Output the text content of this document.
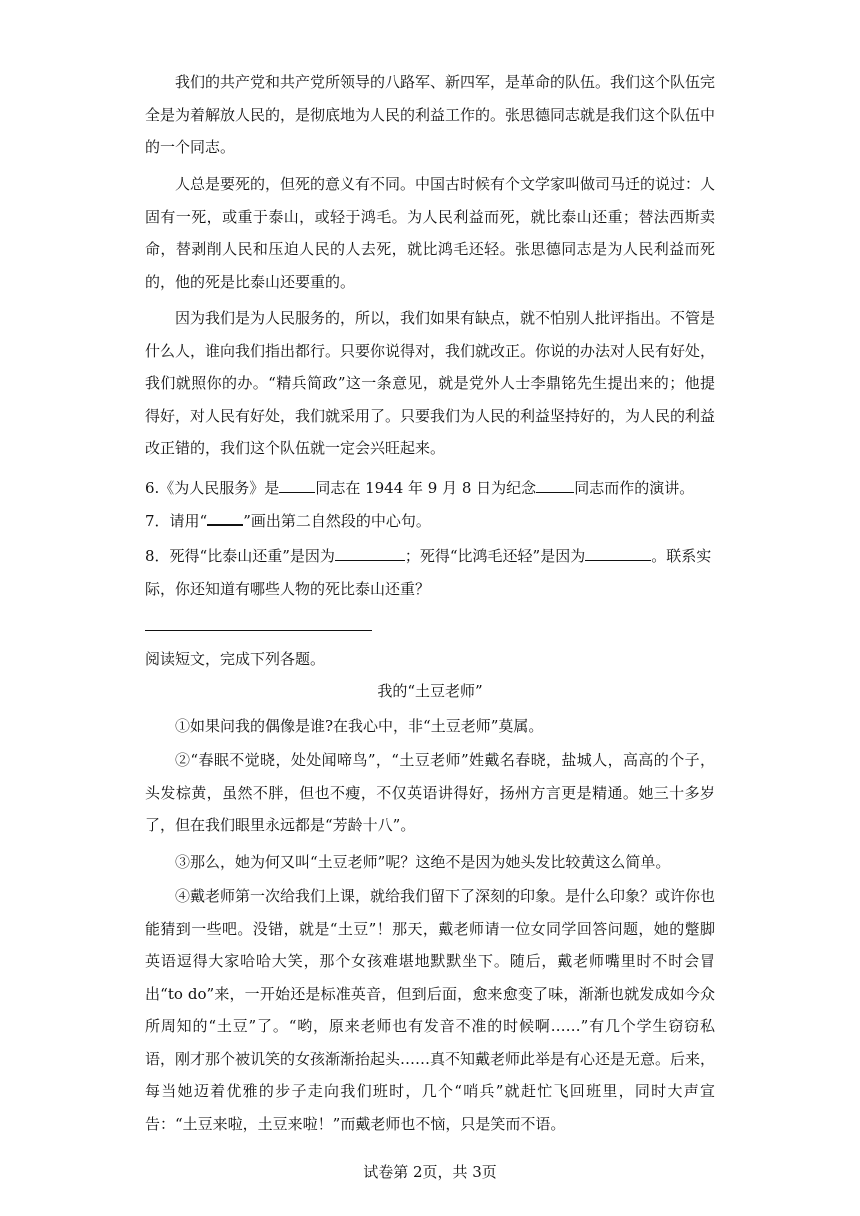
我们的共产党和共产党所领导的八路军、新四军，是革命的队伍。我们这个队伍完全是为着解放人民的，是彻底地为人民的利益工作的。张思德同志就是我们这个队伍中的一个同志。
人总是要死的，但死的意义有不同。中国古时候有个文学家叫做司马迁的说过：人固有一死，或重于泰山，或轻于鸿毛。为人民利益而死，就比泰山还重；替法西斯卖命，替剥削人民和压迫人民的人去死，就比鸿毛还轻。张思德同志是为人民利益而死的，他的死是比泰山还要重的。
因为我们是为人民服务的，所以，我们如果有缺点，就不怕别人批评指出。不管是什么人，谁向我们指出都行。只要你说得对，我们就改正。你说的办法对人民有好处，我们就照你的办。“精兵简政”这一条意见，就是党外人士李鼎铭先生提出来的；他提得好，对人民有好处，我们就采用了。只要我们为人民的利益坚持好的，为人民的利益改正错的，我们这个队伍就一定会兴旺起来。
6.《为人民服务》是 同志在 1944 年 9 月 8 日为纪念	同志而作的演讲。
7．请用“ ”画出第二自然段的中心句。
8．死得“比泰山还重”是因为	；死得“比鸿毛还轻”是因为	。联系实际，你还知道有哪些人物的死比泰山还重？
阅读短文，完成下列各题。
我的“土豆老师”
①如果问我的偶像是谁?在我心中，非“土豆老师”莫属。
②“春眠不觉晓，处处闻啼鸟”，“土豆老师”姓戴名春晓，盐城人，高高的个子，头发棕黄，虽然不胖，但也不瘦，不仅英语讲得好，扬州方言更是精通。她三十多岁了，但在我们眼里永远都是“芳龄十八”。
③那么，她为何又叫“土豆老师”呢？这绝不是因为她头发比较黄这么简单。
④戴老师第一次给我们上课，就给我们留下了深刻的印象。是什么印象？或许你也能猜到一些吧。没错，就是“土豆”！那天，戴老师请一位女同学回答问题，她的蹩脚英语逗得大家哈哈大笑，那个女孩难堪地默默坐下。随后，戴老师嘴里时不时会冒出“to do”来，一开始还是标准英音，但到后面，愈来愈变了味，渐渐也就发成如今众所周知的“土豆”了。“哟，原来老师也有发音不准的时候啊……”有几个学生窃窃私语，刚才那个被讥笑的女孩渐渐抬起头……真不知戴老师此举是有心还是无意。后来，每当她迈着优雅的步子走向我们班时，几个“哨兵”就赶忙飞回班里，同时大声宣告：“土豆来啦，土豆来啦！”而戴老师也不恼，只是笑而不语。
试卷第 2页，共 3页
